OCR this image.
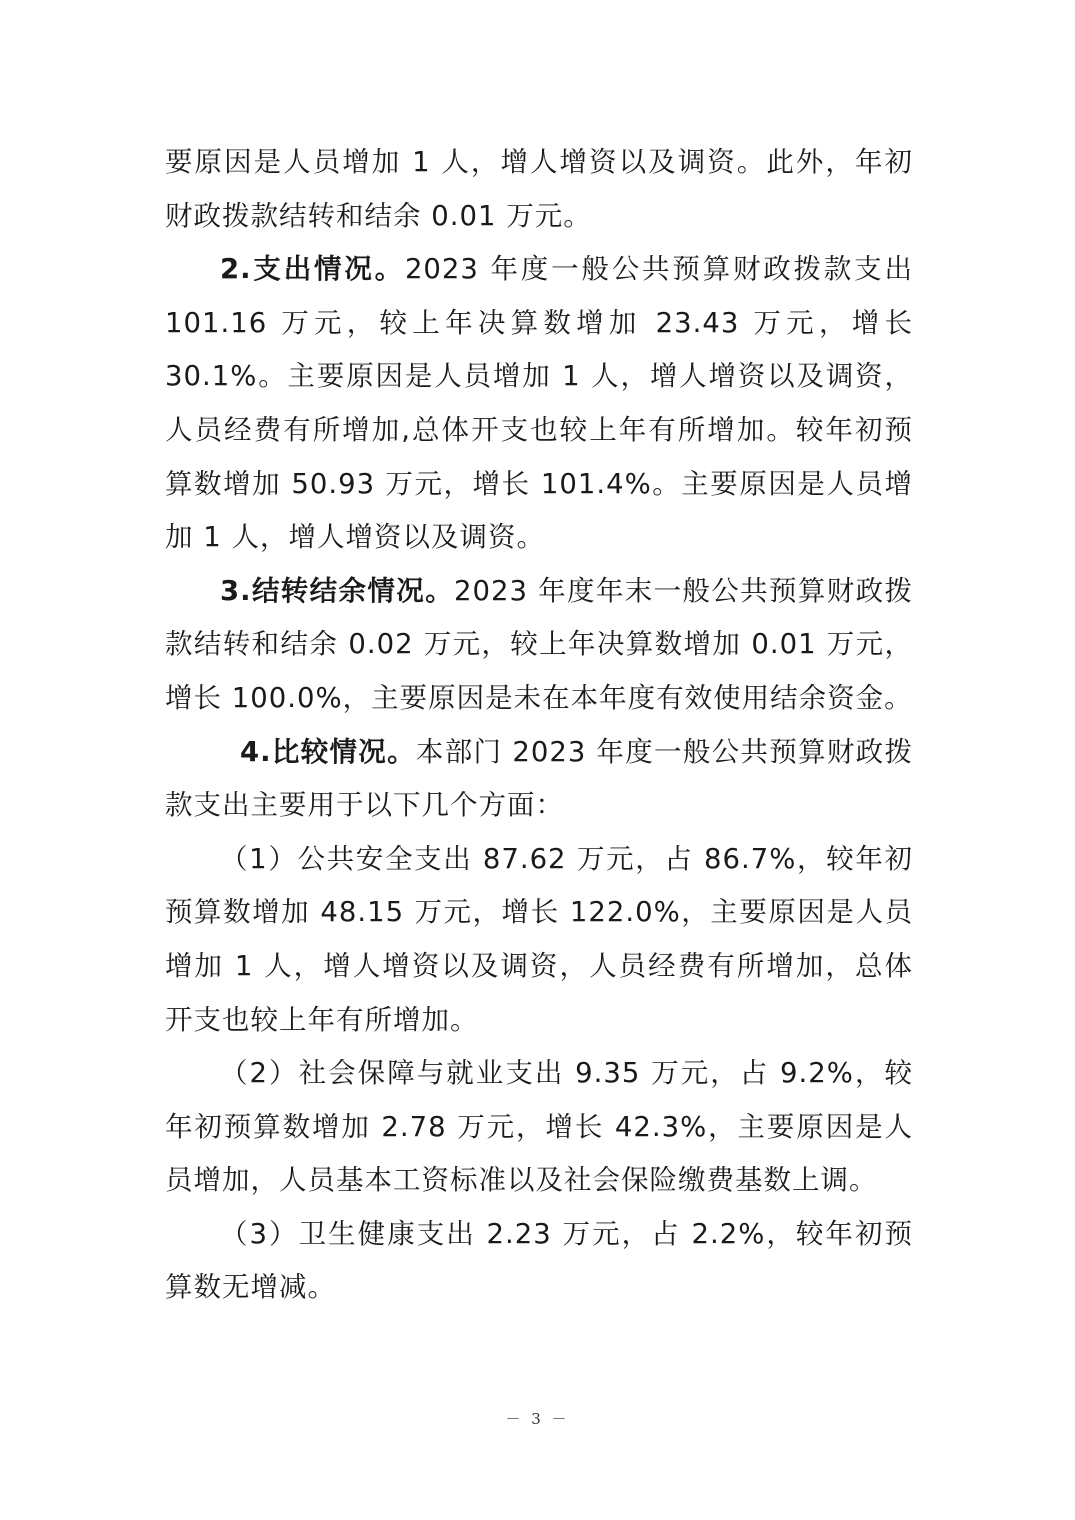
要原因是人员增加 1 人，增人增资以及调资。此外，年初财政拨款结转和结余 0.01 万元。

2.支出情况。2023 年度一般公共预算财政拨款支出 101.16 万元，较上年决算数增加 23.43 万元，增长 30.1%。主要原因是人员增加 1 人，增人增资以及调资，人员经费有所增加,总体开支也较上年有所增加。较年初预算数增加 50.93 万元，增长 101.4%。主要原因是人员增加 1 人，增人增资以及调资。

3.结转结余情况。2023 年度年末一般公共预算财政拨款结转和结余 0.02 万元，较上年决算数增加 0.01 万元，增长 100.0%，主要原因是未在本年度有效使用结余资金。

4.比较情况。本部门 2023 年度一般公共预算财政拨款支出主要用于以下几个方面：

（1）公共安全支出 87.62 万元，占 86.7%，较年初预算数增加 48.15 万元，增长 122.0%，主要原因是人员增加 1 人，增人增资以及调资，人员经费有所增加，总体开支也较上年有所增加。

（2）社会保障与就业支出 9.35 万元，占 9.2%，较年初预算数增加 2.78 万元，增长 42.3%，主要原因是人员增加，人员基本工资标准以及社会保险缴费基数上调。

（3）卫生健康支出 2.23 万元，占 2.2%，较年初预算数无增减。

－ 3 －
